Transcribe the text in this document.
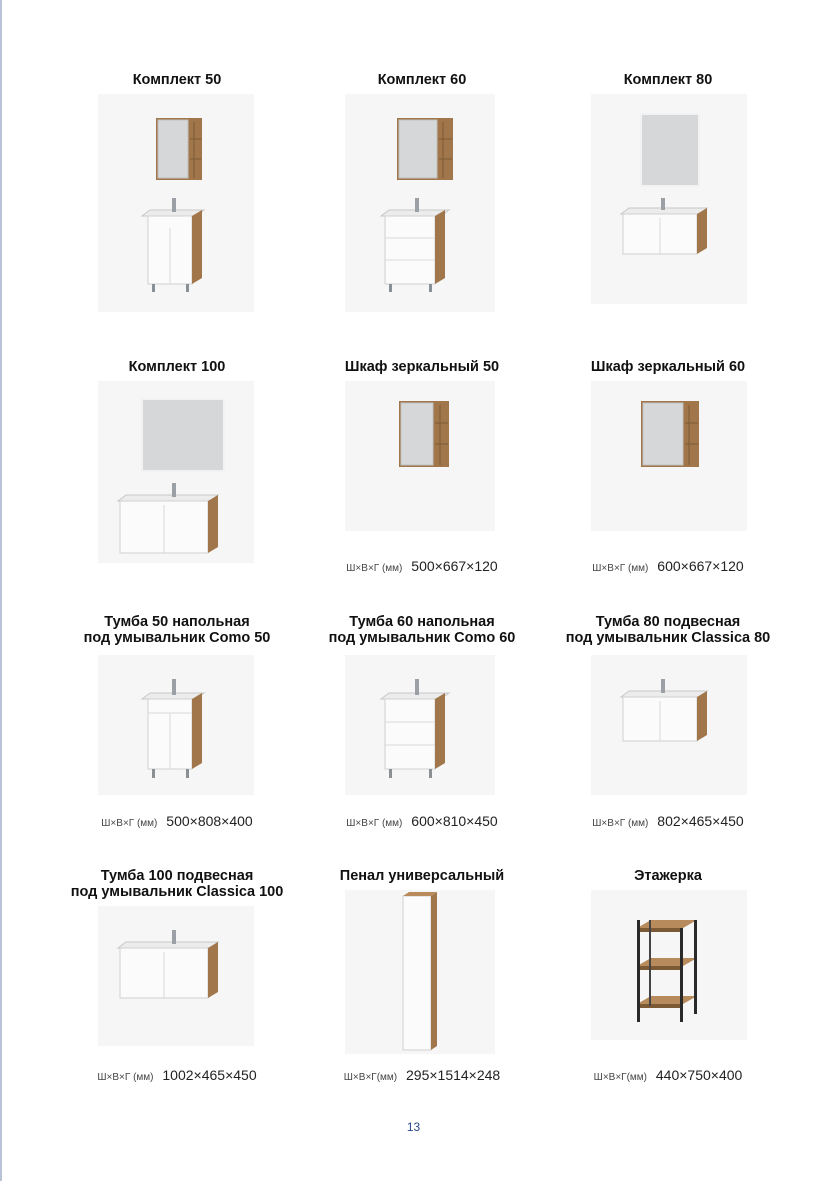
Комплект 50	Комплект 60	Комплект 80
Комплект 100	Шкаф зеркальный 50
Ш×В×Г (мм) 500×667×120
Шкаф зеркальный 60
Ш×В×Г (мм) 600×667×120
Тумба 50 напольная
под умывальник Como 50
Ш×В×Г (мм) 500×808×400
Тумба 60 напольная
под умывальник Como 60
Ш×В×Г (мм) 600×810×450
Тумба 80 подвесная
под умывальник Classica 80
Ш×В×Г (мм) 802×465×450
Тумба 100 подвесная
под умывальник Classica 100
Ш×В×Г (мм) 1002×465×450
Пенал универсальный
Ш×В×Г(мм) 295×1514×248
Этажерка
Ш×В×Г(мм) 440×750×400
13
